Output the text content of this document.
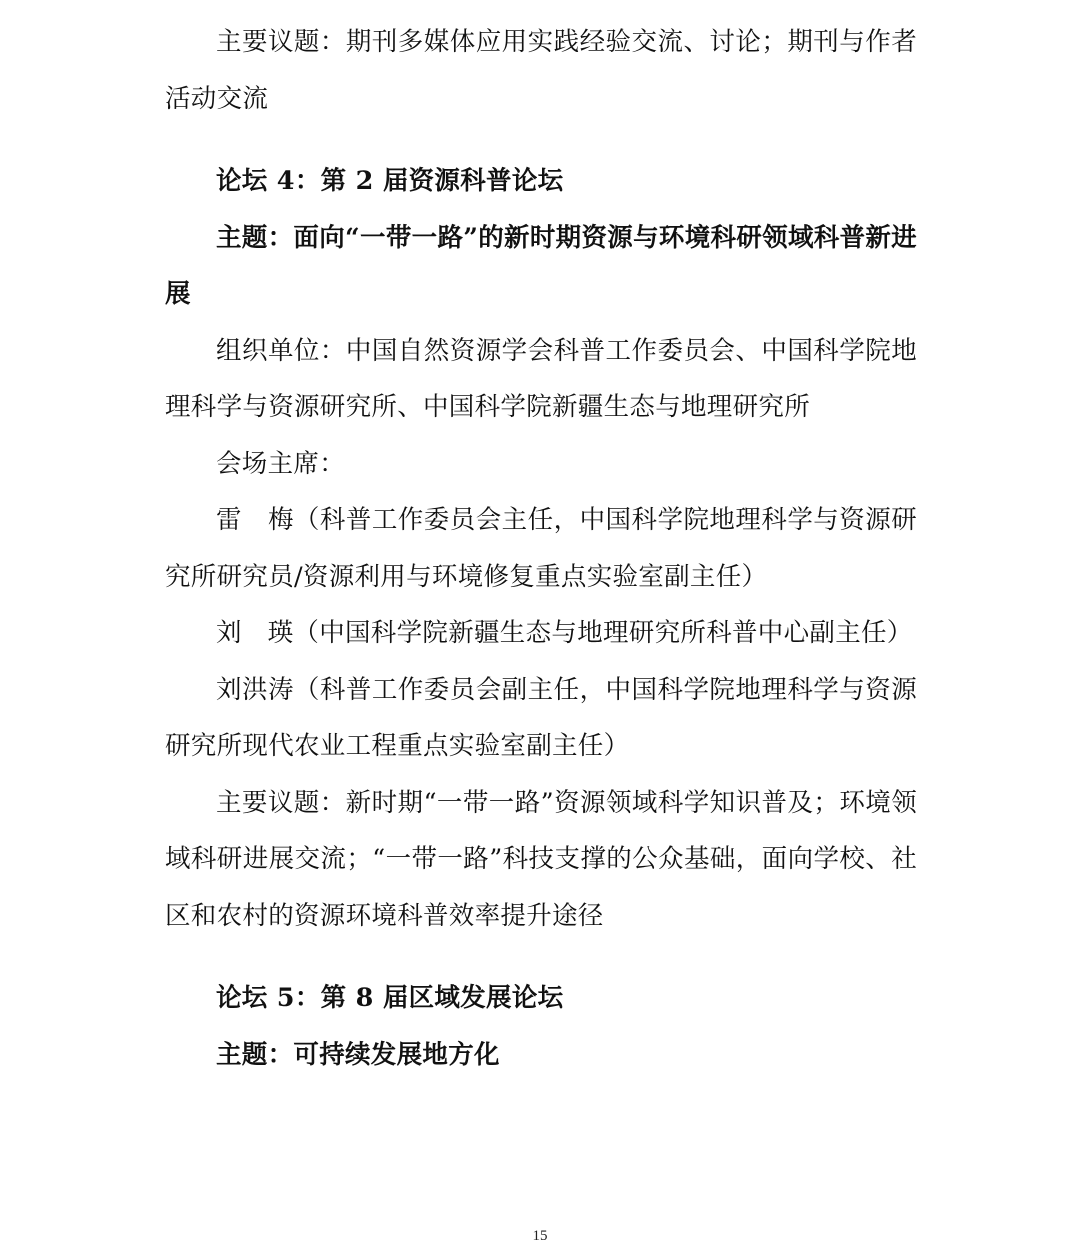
主要议题：期刊多媒体应用实践经验交流、讨论；期刊与作者活动交流

论坛 4：第 2 届资源科普论坛

主题：面向“一带一路”的新时期资源与环境科研领域科普新进展

组织单位：中国自然资源学会科普工作委员会、中国科学院地理科学与资源研究所、中国科学院新疆生态与地理研究所

会场主席：

雷　梅（科普工作委员会主任，中国科学院地理科学与资源研究所研究员/资源利用与环境修复重点实验室副主任）

刘　瑛（中国科学院新疆生态与地理研究所科普中心副主任）

刘洪涛（科普工作委员会副主任，中国科学院地理科学与资源研究所现代农业工程重点实验室副主任）

主要议题：新时期“一带一路”资源领域科学知识普及；环境领域科研进展交流；“一带一路”科技支撑的公众基础，面向学校、社区和农村的资源环境科普效率提升途径

论坛 5：第 8 届区域发展论坛

主题：可持续发展地方化

15
